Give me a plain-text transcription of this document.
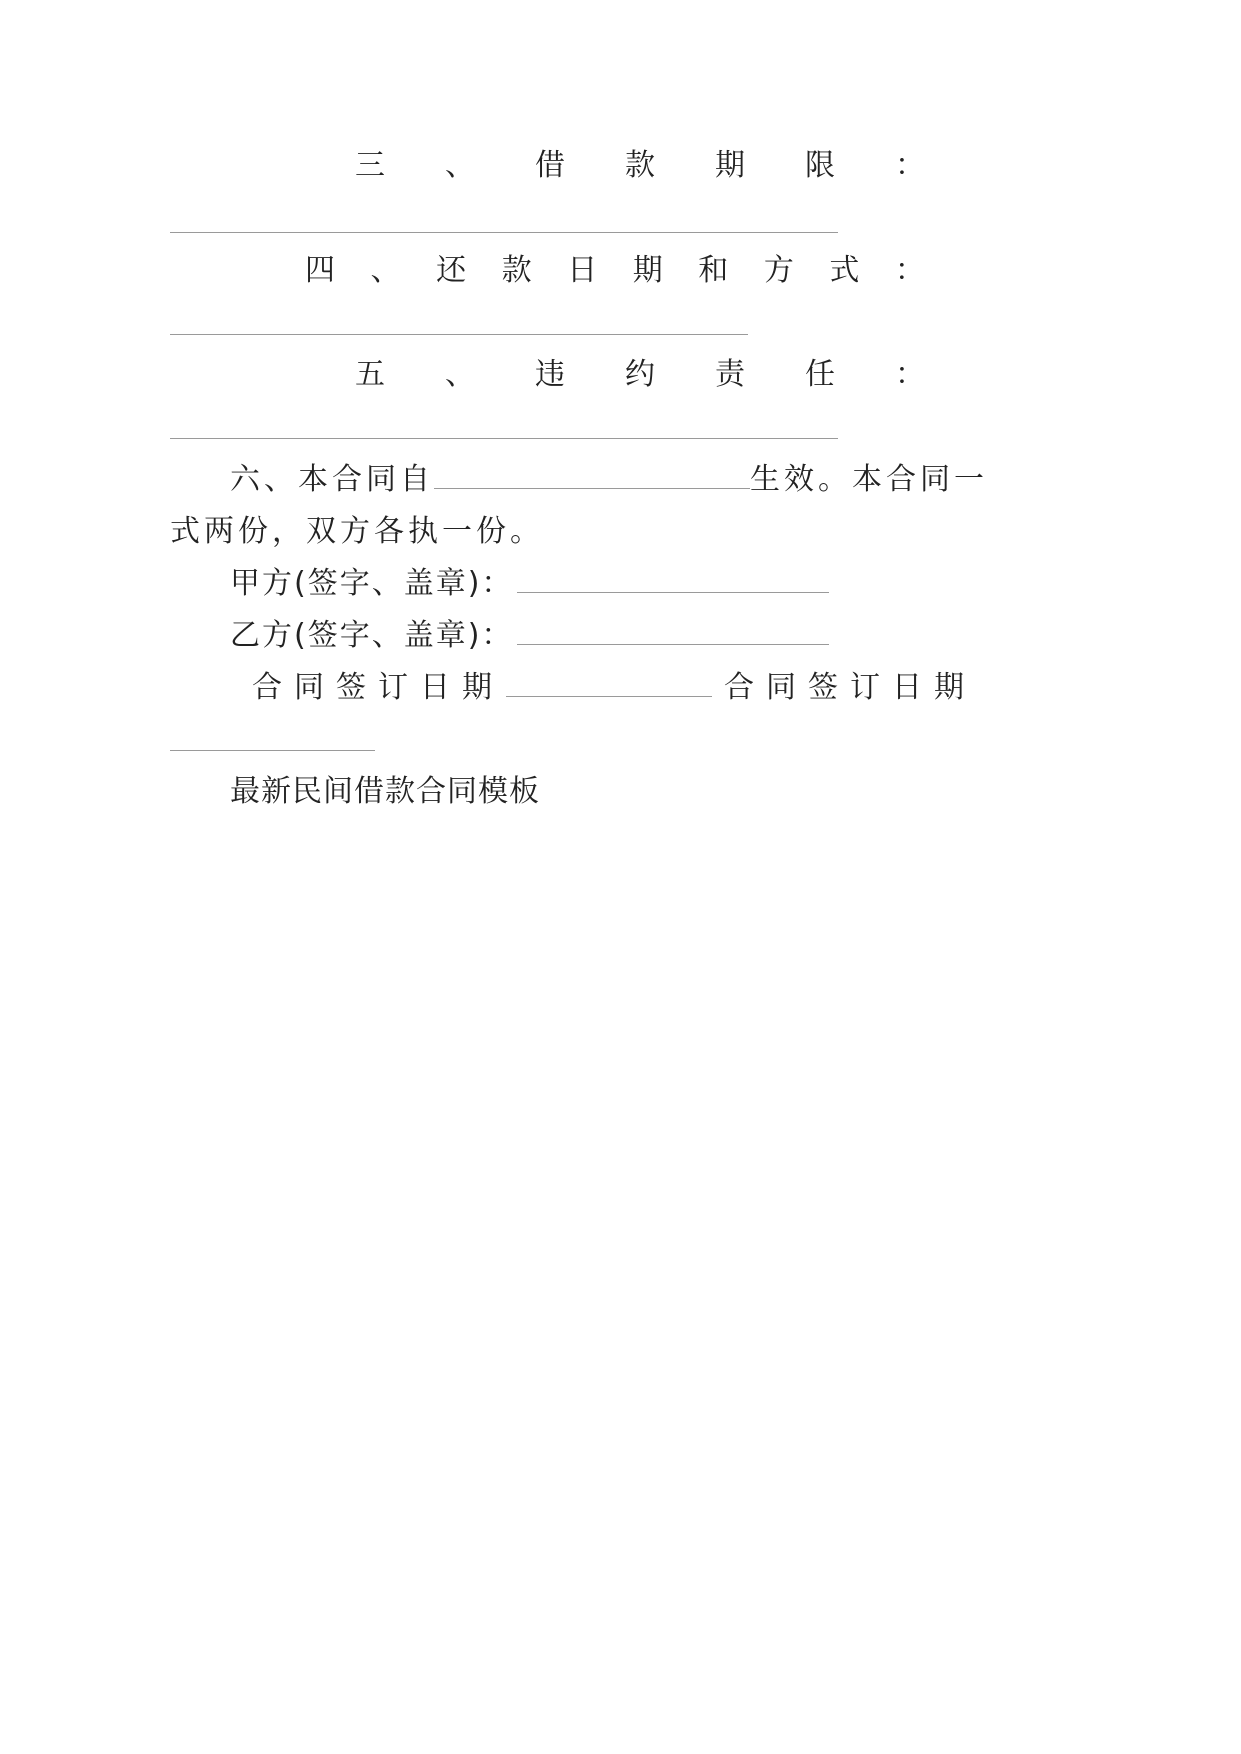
三 、 借 款 期 限 ：
四 、 还 款 日 期 和 方 式 ：
五 、 违 约 责 任 ：
六、本合同自	生效。本合同一
式两份，双方各执一份。
甲方(签字、盖章)：
乙方(签字、盖章)：
合同签订日期	合同签订日期
最新民间借款合同模板
